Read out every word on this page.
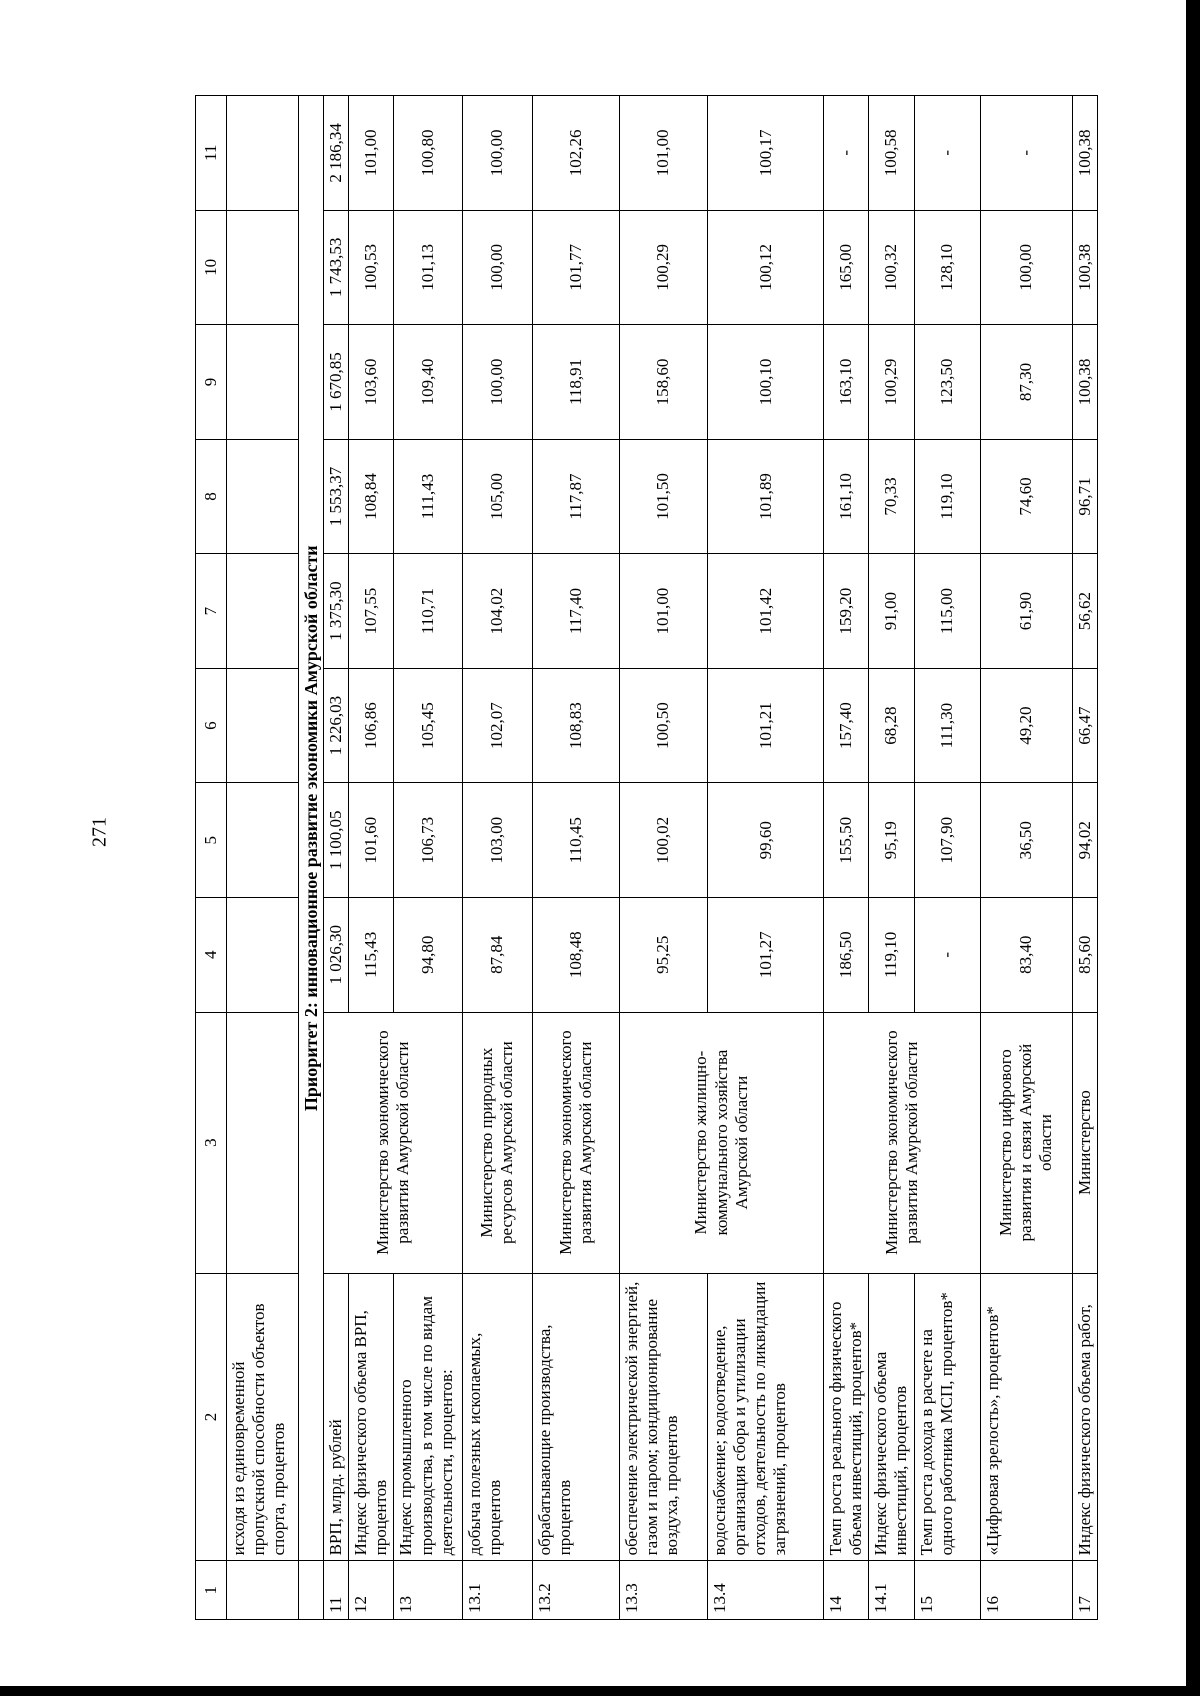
271
1	2	3	4	5	6	7	8	9	10	11
	исходя из единовременной пропускной способности объектов спорта, процентов									
	Приоритет 2: инновационное развитие экономики Амурской области									
11	ВРП, млрд. рублей	Министерство экономического развития Амурской области	1 026,30	1 100,05	1 226,03	1 375,30	1 553,37	1 670,85	1 743,53	2 186,34
12	Индекс физического объема ВРП, процентов		115,43	101,60	106,86	107,55	108,84	103,60	100,53	101,00
13	Индекс промышленного производства, в том числе по видам деятельности, процентов:		94,80	106,73	105,45	110,71	111,43	109,40	101,13	100,80
13.1	добыча полезных ископаемых, процентов	Министерство природных ресурсов Амурской области	87,84	103,00	102,07	104,02	105,00	100,00	100,00	100,00
13.2	обрабатывающие производства, процентов	Министерство экономического развития Амурской области	108,48	110,45	108,83	117,40	117,87	118,91	101,77	102,26
13.3	обеспечение электрической энергией, газом и паром; кондиционирование воздуха, процентов	Министерство жилищно-коммунального хозяйства Амурской области	95,25	100,02	100,50	101,00	101,50	158,60	100,29	101,00
13.4	водоснабжение; водоотведение, организация сбора и утилизации отходов, деятельность по ликвидации загрязнений, процентов		101,27	99,60	101,21	101,42	101,89	100,10	100,12	100,17
14	Темп роста реального физического объема инвестиций, процентов*	Министерство экономического развития Амурской области	186,50	155,50	157,40	159,20	161,10	163,10	165,00	-
14.1	Индекс физического объема инвестиций, процентов		119,10	95,19	68,28	91,00	70,33	100,29	100,32	100,58
15	Темп роста дохода в расчете на одного работника МСП, процентов*		-	107,90	111,30	115,00	119,10	123,50	128,10	-
16	«Цифровая зрелость», процентов*	Министерство цифрового развития и связи Амурской области	83,40	36,50	49,20	61,90	74,60	87,30	100,00	-
17	Индекс физического объема работ,	Министерство	85,60	94,02	66,47	56,62	96,71	100,38	100,38	100,38
